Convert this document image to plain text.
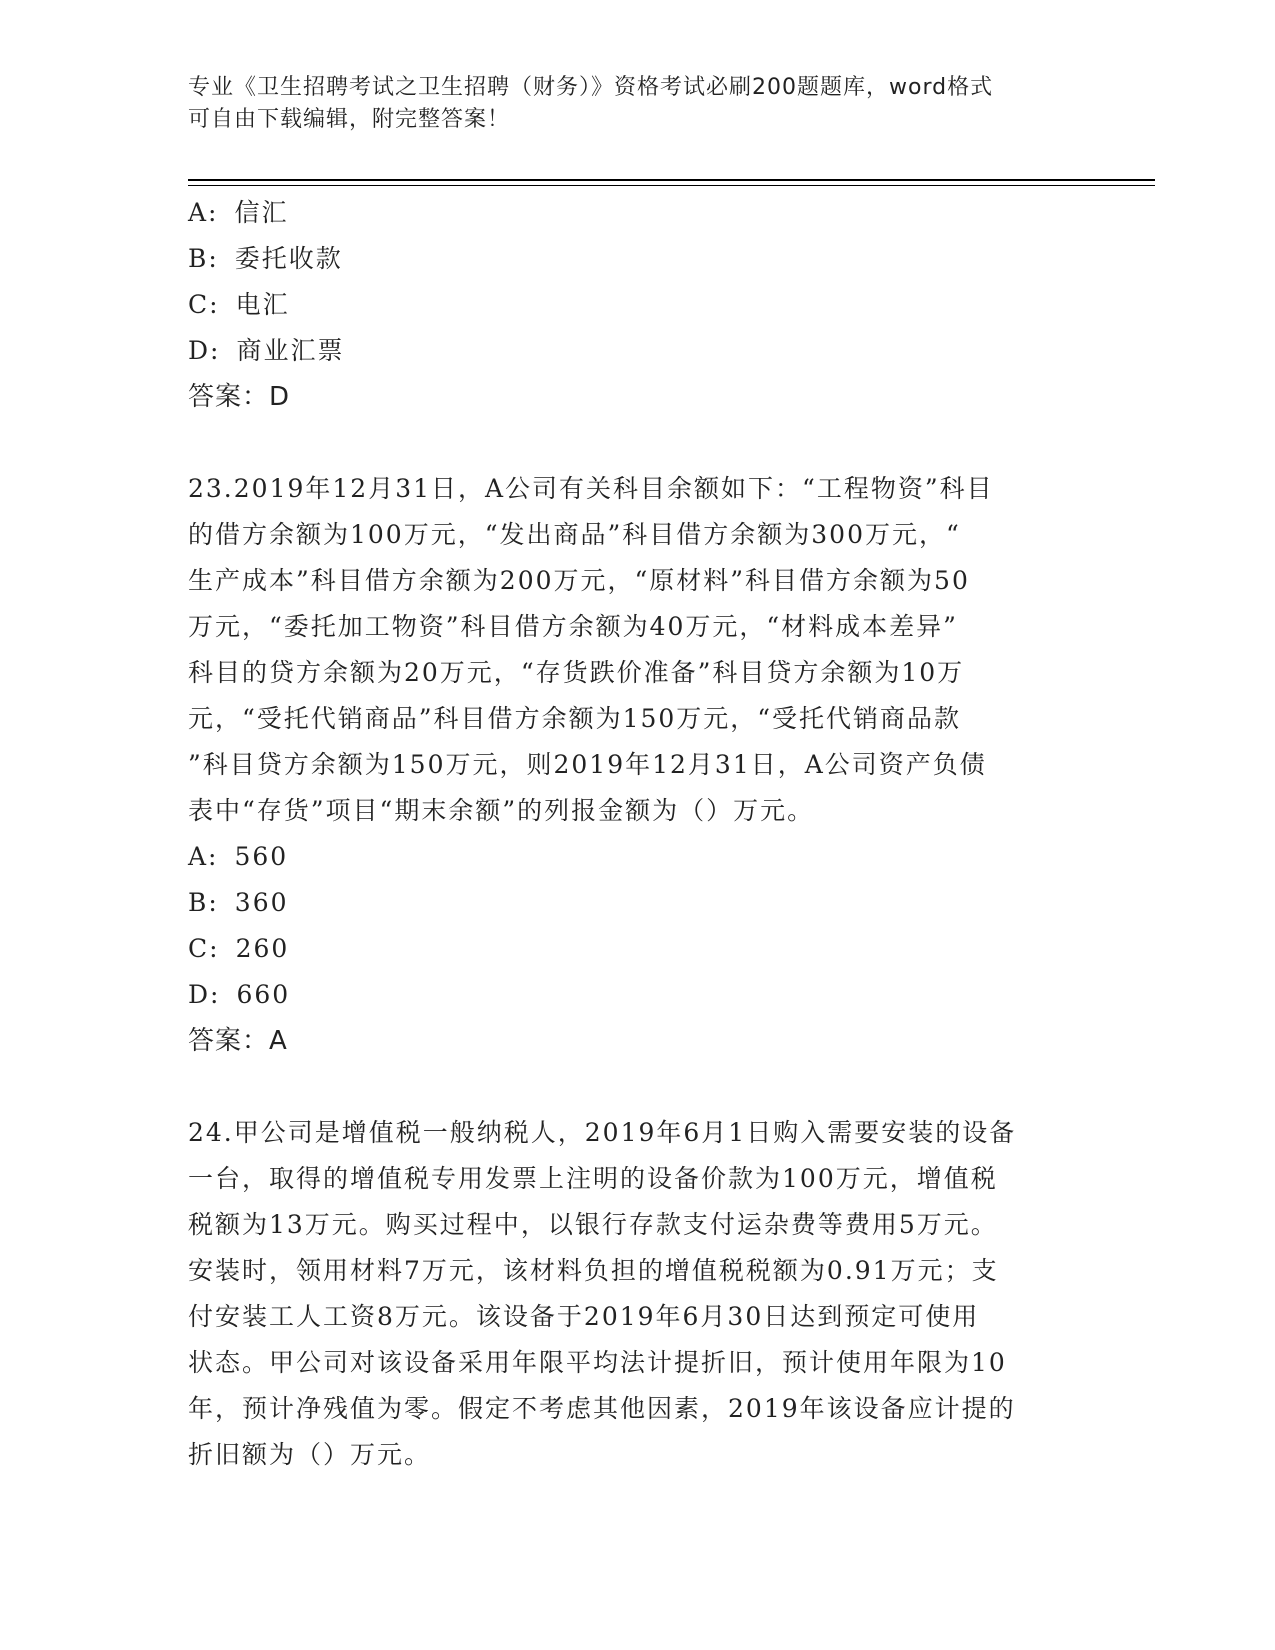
专业《卫生招聘考试之卫生招聘（财务）》资格考试必刷200题题库，word格式
可自由下载编辑，附完整答案！
A: 信汇
B: 委托收款
C: 电汇
D: 商业汇票
答案：D
23.2019年12月31日，A公司有关科目余额如下：“工程物资”科目
的借方余额为100万元，“发出商品”科目借方余额为300万元，“
生产成本”科目借方余额为200万元，“原材料”科目借方余额为50
万元，“委托加工物资”科目借方余额为40万元，“材料成本差异”
科目的贷方余额为20万元，“存货跌价准备”科目贷方余额为10万
元，“受托代销商品”科目借方余额为150万元，“受托代销商品款
”科目贷方余额为150万元，则2019年12月31日，A公司资产负债
表中“存货”项目“期末余额”的列报金额为（）万元。
A: 560
B: 360
C: 260
D: 660
答案：A
24.甲公司是增值税一般纳税人，2019年6月1日购入需要安装的设备
一台，取得的增值税专用发票上注明的设备价款为100万元，增值税
税额为13万元。购买过程中，以银行存款支付运杂费等费用5万元。
安装时，领用材料7万元，该材料负担的增值税税额为0.91万元；支
付安装工人工资8万元。该设备于2019年6月30日达到预定可使用
状态。甲公司对该设备采用年限平均法计提折旧，预计使用年限为10
年，预计净残值为零。假定不考虑其他因素，2019年该设备应计提的
折旧额为（）万元。
